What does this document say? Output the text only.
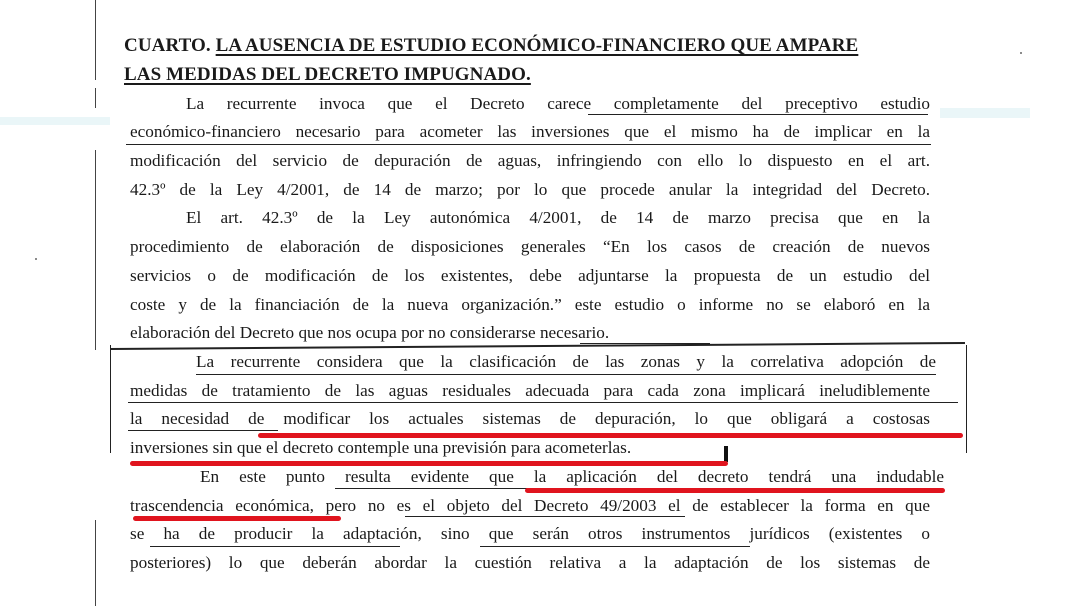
CUARTO. LA AUSENCIA DE ESTUDIO ECONÓMICO-FINANCIERO QUE AMPARE
LAS MEDIDAS DEL DECRETO IMPUGNADO.
La recurrente invoca que el Decreto carece completamente del preceptivo estudio
económico-financiero necesario para acometer las inversiones que el mismo ha de implicar en la
modificación del servicio de depuración de aguas, infringiendo con ello lo dispuesto en el art.
42.3º de la Ley 4/2001, de 14 de marzo; por lo que procede anular la integridad del Decreto.
El art. 42.3º de la Ley autonómica 4/2001, de 14 de marzo precisa que en la
procedimiento de elaboración de disposiciones generales “En los casos de creación de nuevos
servicios o de modificación de los existentes, debe adjuntarse la propuesta de un estudio del
coste y de la financiación de la nueva organización.” este estudio o informe no se elaboró en la
elaboración del Decreto que nos ocupa por no considerarse necesario.
La recurrente considera que la clasificación de las zonas y la correlativa adopción de
medidas de tratamiento de las aguas residuales adecuada para cada zona implicará ineludiblemente
la necesidad de modificar los actuales sistemas de depuración, lo que obligará a costosas
inversiones sin que el decreto contemple una previsión para acometerlas.
En este punto resulta evidente que la aplicación del decreto tendrá una indudable
trascendencia económica, pero no es el objeto del Decreto 49/2003 el de establecer la forma en que
se ha de producir la adaptación, sino que serán otros instrumentos jurídicos (existentes o
posteriores) lo que deberán abordar la cuestión relativa a la adaptación de los sistemas de
